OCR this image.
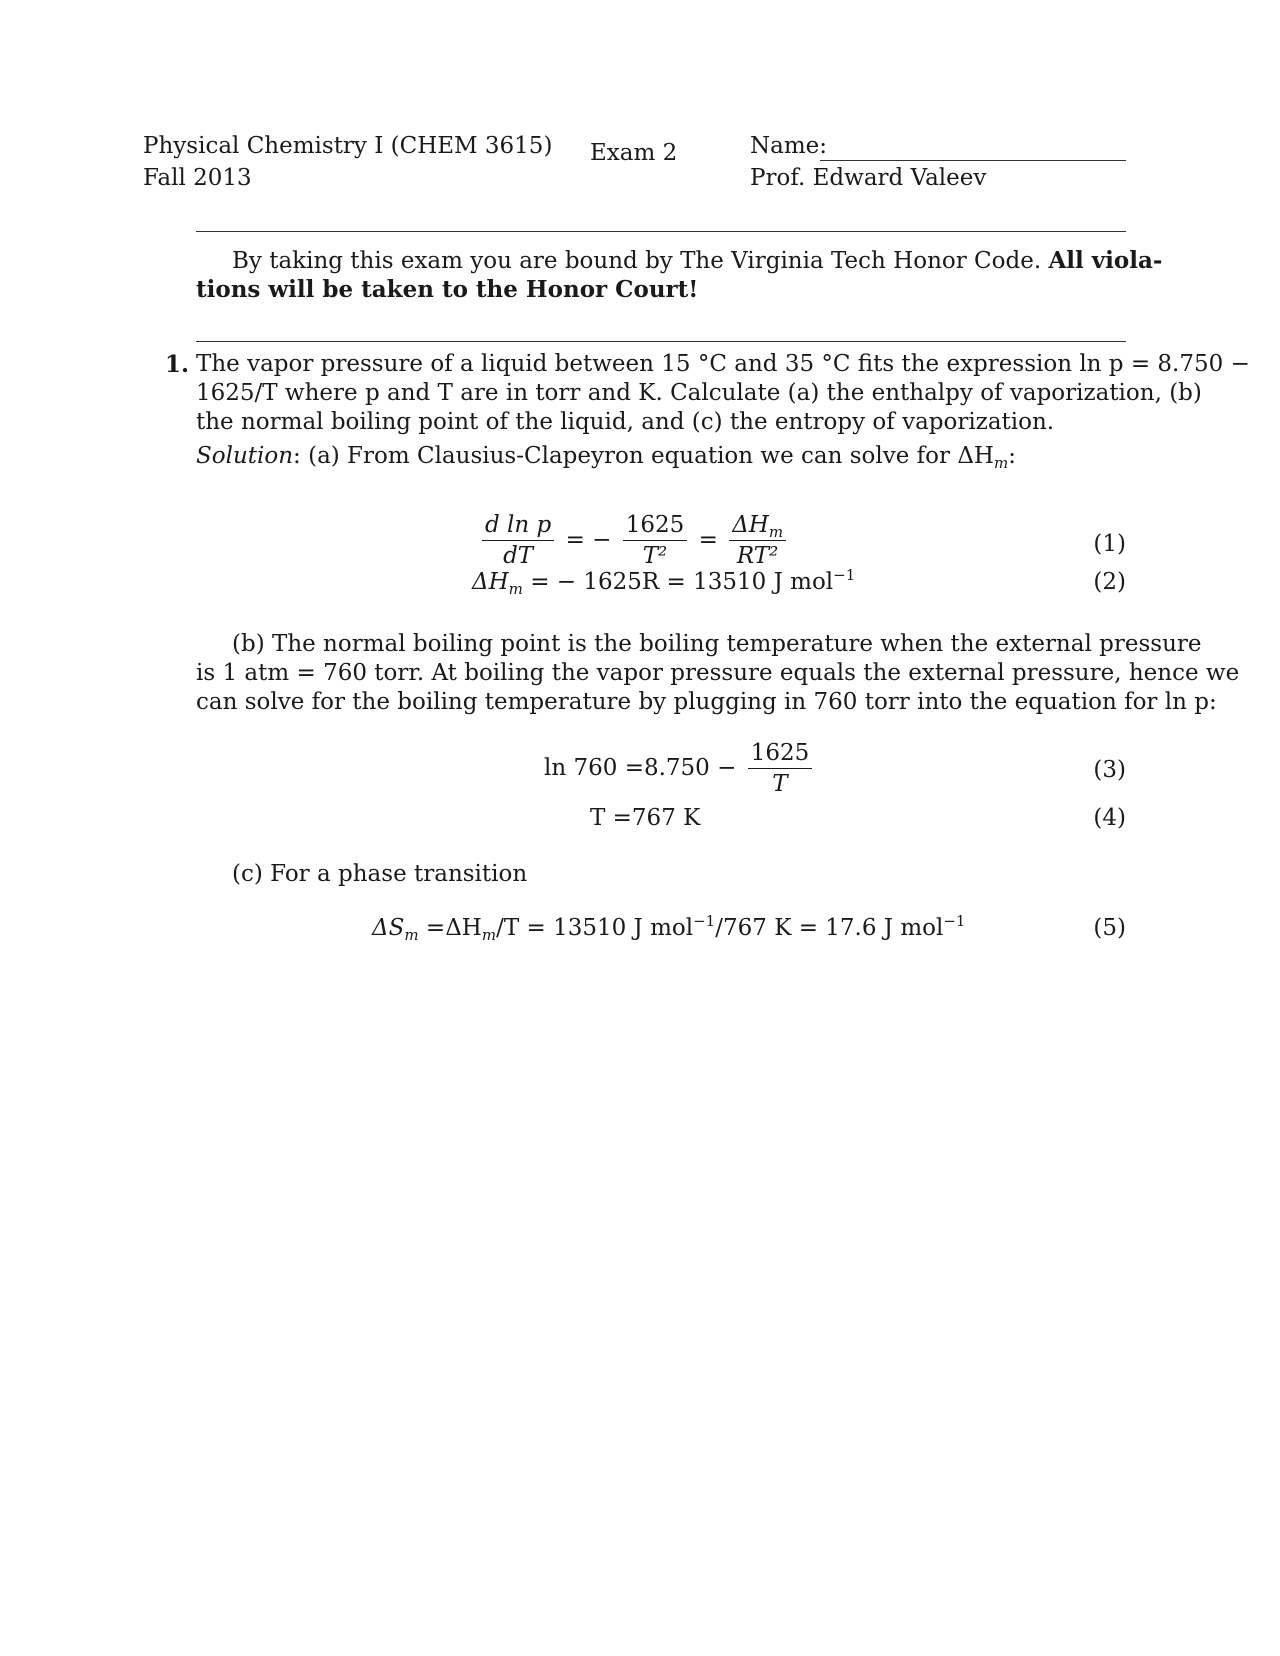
Physical Chemistry I (CHEM 3615)
Fall 2013
Exam 2	Name:
Prof. Edward Valeev
By taking this exam you are bound by The Virginia Tech Honor Code. All viola-
tions will be taken to the Honor Court!
1. The vapor pressure of a liquid between 15 °C and 35 °C fits the expression ln p = 8.750 −
1625/T where p and T are in torr and K. Calculate (a) the enthalpy of vaporization, (b)
the normal boiling point of the liquid, and (c) the entropy of vaporization.
Solution: (a) From Clausius-Clapeyron equation we can solve for $\Delta H_m$:
$\frac{\text{d ln p}}{dT}$ = − $\frac{1625}{\text{T²}} = \frac{\Delta H_m}{\text{RT²}}$	(1)
$\Delta H_m$ = − 1625R = 13510 J mol$^{-1}$	(2)
(b) The normal boiling point is the boiling temperature when the external pressure
is 1 atm = 760 torr. At boiling the vapor pressure equals the external pressure, hence we
can solve for the boiling temperature by plugging in 760 torr into the equation for ln p:
$\ln 760 =8.750 - \frac{1625}{T}$	(3)
T =767 K	(4)
(c) For a phase transition
$\Delta S_m =\Delta H_m/T = 13510$ J mol$^{-1}$/767 K = 17.6 J mol$^{-1}$	(5)
